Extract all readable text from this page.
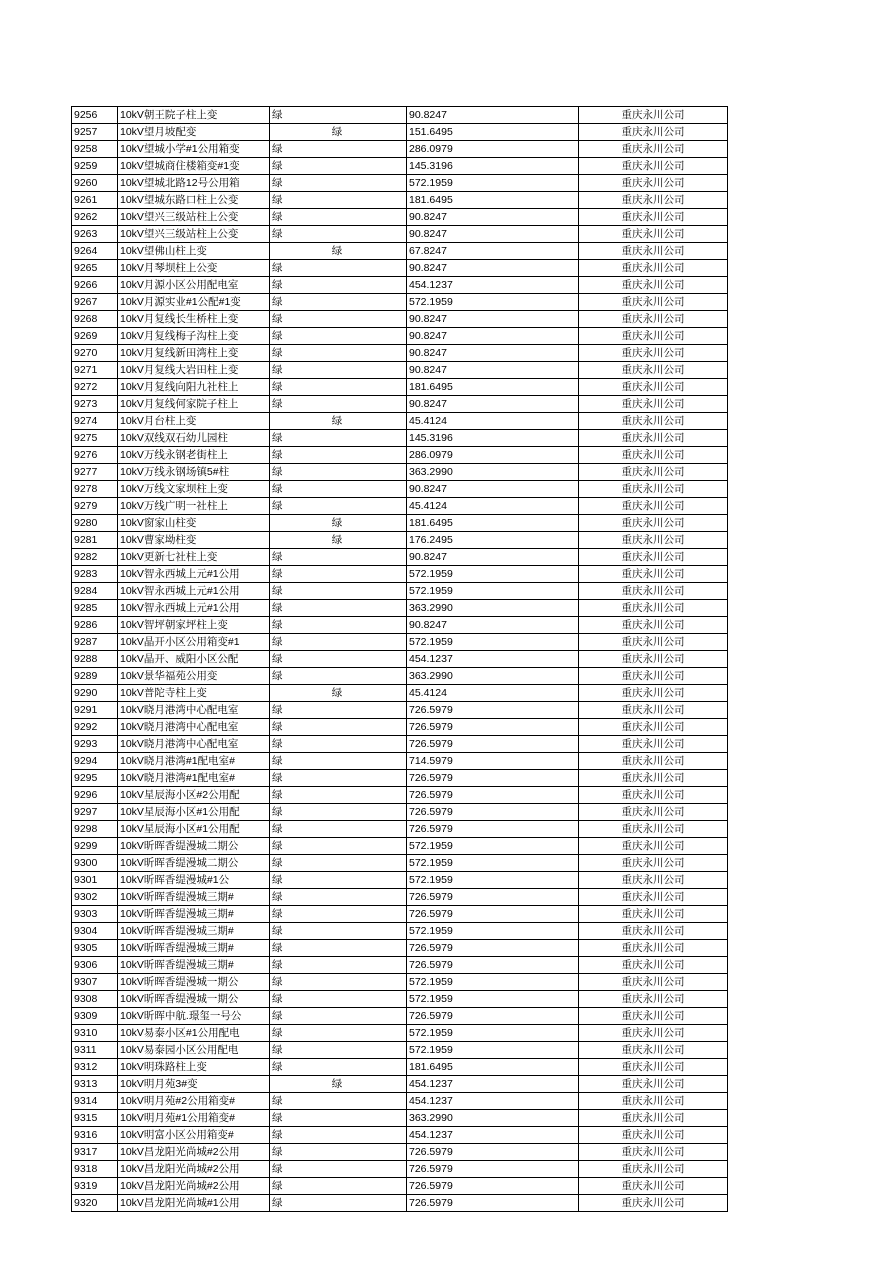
9256	10kV朝王院子柱上变	绿	90.8247	重庆永川公司
9257	10kV望月坡配变	绿	151.6495	重庆永川公司
9258	10kV望城小学#1公用箱变	绿	286.0979	重庆永川公司
9259	10kV望城商住楼箱变#1变	绿	145.3196	重庆永川公司
9260	10kV望城北路12号公用箱	绿	572.1959	重庆永川公司
9261	10kV望城东路口柱上公变	绿	181.6495	重庆永川公司
9262	10kV望兴三级站柱上公变	绿	90.8247	重庆永川公司
9263	10kV望兴三级站柱上公变	绿	90.8247	重庆永川公司
9264	10kV望佛山柱上变	绿	67.8247	重庆永川公司
9265	10kV月琴坝柱上公变	绿	90.8247	重庆永川公司
9266	10kV月源小区公用配电室	绿	454.1237	重庆永川公司
9267	10kV月源实业#1公配#1变	绿	572.1959	重庆永川公司
9268	10kV月复线长生桥柱上变	绿	90.8247	重庆永川公司
9269	10kV月复线梅子沟柱上变	绿	90.8247	重庆永川公司
9270	10kV月复线新田湾柱上变	绿	90.8247	重庆永川公司
9271	10kV月复线大岩田柱上变	绿	90.8247	重庆永川公司
9272	10kV月复线向阳九社柱上	绿	181.6495	重庆永川公司
9273	10kV月复线何家院子柱上	绿	90.8247	重庆永川公司
9274	10kV月台柱上变	绿	45.4124	重庆永川公司
9275	10kV双线双石幼儿园柱	绿	145.3196	重庆永川公司
9276	10kV万线永钢老街柱上	绿	286.0979	重庆永川公司
9277	10kV万线永钢场镇5#柱	绿	363.2990	重庆永川公司
9278	10kV万线文家坝柱上变	绿	90.8247	重庆永川公司
9279	10kV万线广明一社柱上	绿	45.4124	重庆永川公司
9280	10kV窗家山柱变	绿	181.6495	重庆永川公司
9281	10kV曹家坳柱变	绿	176.2495	重庆永川公司
9282	10kV更新七社柱上变	绿	90.8247	重庆永川公司
9283	10kV智永西城上元#1公用	绿	572.1959	重庆永川公司
9284	10kV智永西城上元#1公用	绿	572.1959	重庆永川公司
9285	10kV智永西城上元#1公用	绿	363.2990	重庆永川公司
9286	10kV智坪朝家坪柱上变	绿	90.8247	重庆永川公司
9287	10kV晶开小区公用箱变#1	绿	572.1959	重庆永川公司
9288	10kV晶开、威阳小区公配	绿	454.1237	重庆永川公司
9289	10kV景华福苑公用变	绿	363.2990	重庆永川公司
9290	10kV普陀寺柱上变	绿	45.4124	重庆永川公司
9291	10kV晓月港湾中心配电室	绿	726.5979	重庆永川公司
9292	10kV晓月港湾中心配电室	绿	726.5979	重庆永川公司
9293	10kV晓月港湾中心配电室	绿	726.5979	重庆永川公司
9294	10kV晓月港湾#1配电室#	绿	714.5979	重庆永川公司
9295	10kV晓月港湾#1配电室#	绿	726.5979	重庆永川公司
9296	10kV星辰海小区#2公用配	绿	726.5979	重庆永川公司
9297	10kV星辰海小区#1公用配	绿	726.5979	重庆永川公司
9298	10kV星辰海小区#1公用配	绿	726.5979	重庆永川公司
9299	10kV昕晖香缇漫城二期公	绿	572.1959	重庆永川公司
9300	10kV昕晖香缇漫城二期公	绿	572.1959	重庆永川公司
9301	10kV昕晖香缇漫城#1公	绿	572.1959	重庆永川公司
9302	10kV昕晖香缇漫城三期#	绿	726.5979	重庆永川公司
9303	10kV昕晖香缇漫城三期#	绿	726.5979	重庆永川公司
9304	10kV昕晖香缇漫城三期#	绿	572.1959	重庆永川公司
9305	10kV昕晖香缇漫城三期#	绿	726.5979	重庆永川公司
9306	10kV昕晖香缇漫城三期#	绿	726.5979	重庆永川公司
9307	10kV昕晖香缇漫城一期公	绿	572.1959	重庆永川公司
9308	10kV昕晖香缇漫城一期公	绿	572.1959	重庆永川公司
9309	10kV昕晖中航.璟玺一号公	绿	726.5979	重庆永川公司
9310	10kV易泰小区#1公用配电	绿	572.1959	重庆永川公司
9311	10kV易泰园小区公用配电	绿	572.1959	重庆永川公司
9312	10kV明珠路柱上变	绿	181.6495	重庆永川公司
9313	10kV明月苑3#变	绿	454.1237	重庆永川公司
9314	10kV明月苑#2公用箱变#	绿	454.1237	重庆永川公司
9315	10kV明月苑#1公用箱变#	绿	363.2990	重庆永川公司
9316	10kV明富小区公用箱变#	绿	454.1237	重庆永川公司
9317	10kV昌龙阳光尚城#2公用	绿	726.5979	重庆永川公司
9318	10kV昌龙阳光尚城#2公用	绿	726.5979	重庆永川公司
9319	10kV昌龙阳光尚城#2公用	绿	726.5979	重庆永川公司
9320	10kV昌龙阳光尚城#1公用	绿	726.5979	重庆永川公司
